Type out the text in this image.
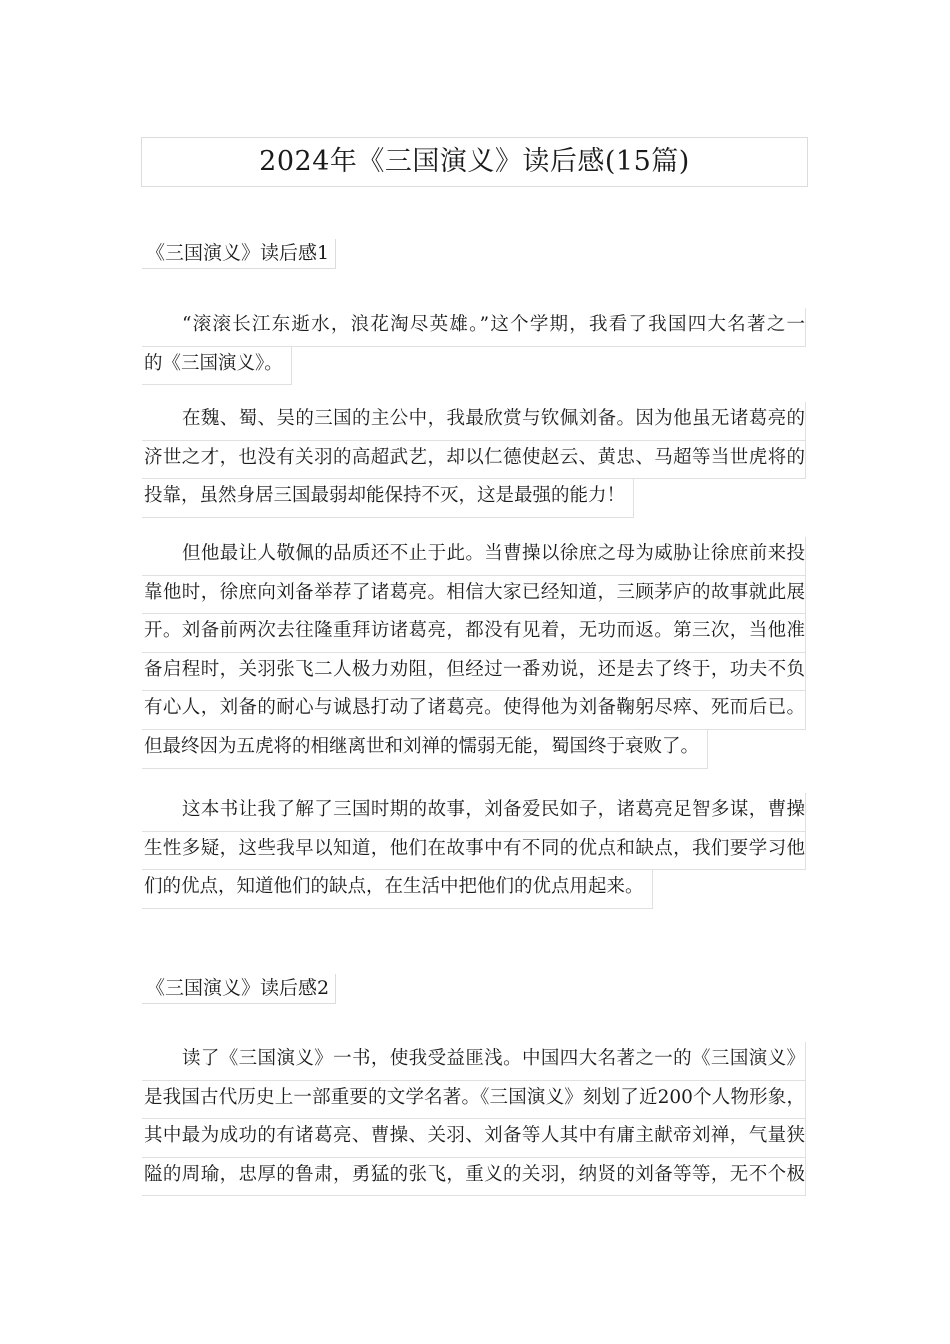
2024年《三国演义》读后感(15篇)
《三国演义》读后感1
“滚滚长江东逝水，浪花淘尽英雄。”这个学期，我看了我国四大名著之一
的《三国演义》。
在魏、蜀、吴的三国的主公中，我最欣赏与钦佩刘备。因为他虽无诸葛亮的
济世之才，也没有关羽的高超武艺，却以仁德使赵云、黄忠、马超等当世虎将的
投靠，虽然身居三国最弱却能保持不灭，这是最强的能力！
但他最让人敬佩的品质还不止于此。当曹操以徐庶之母为威胁让徐庶前来投
靠他时，徐庶向刘备举荐了诸葛亮。相信大家已经知道，三顾茅庐的故事就此展
开。刘备前两次去往隆重拜访诸葛亮，都没有见着，无功而返。第三次，当他准
备启程时，关羽张飞二人极力劝阻，但经过一番劝说，还是去了终于，功夫不负
有心人，刘备的耐心与诚恳打动了诸葛亮。使得他为刘备鞠躬尽瘁、死而后已。
但最终因为五虎将的相继离世和刘禅的懦弱无能，蜀国终于衰败了。
这本书让我了解了三国时期的故事，刘备爱民如子，诸葛亮足智多谋，曹操
生性多疑，这些我早以知道，他们在故事中有不同的优点和缺点，我们要学习他
们的优点，知道他们的缺点，在生活中把他们的优点用起来。
《三国演义》读后感2
读了《三国演义》一书，使我受益匪浅。中国四大名著之一的《三国演义》
是我国古代历史上一部重要的文学名著。《三国演义》刻划了近200个人物形象，
其中最为成功的有诸葛亮、曹操、关羽、刘备等人其中有庸主献帝刘禅，气量狭
隘的周瑜，忠厚的鲁肃，勇猛的张飞，重义的关羽，纳贤的刘备等等，无不个极
